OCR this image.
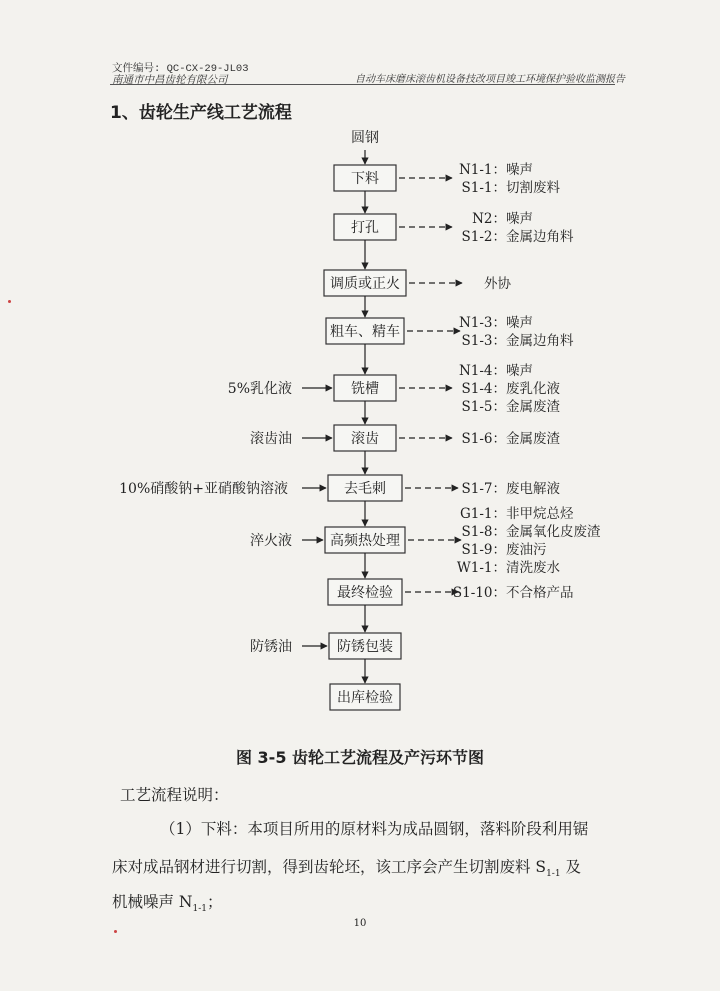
文件编号: QC-CX-29-JL03
南通市中昌齿轮有限公司	自动车床磨床滚齿机设备技改项目竣工环境保护验收监测报告
1、齿轮生产线工艺流程
圆钢
下料
N1-1： 噪声
S1-1： 切割废料
打孔
N2： 噪声
S1-2： 金属边角料
调质或正火	外协
粗车、精车
N1-3： 噪声
S1-3： 金属边角料
铣槽
N1-4： 噪声
S1-4： 废乳化液
S1-5： 金属废渣
5%乳化液
滚齿	S1-6： 金属废渣
滚齿油
去毛刺	S1-7： 废电解液
10%硝酸钠+亚硝酸钠溶液
高频热处理
G1-1： 非甲烷总烃
S1-8： 金属氧化皮废渣
S1-9： 废油污
W1-1： 清洗废水
淬火液
最终检验	S1-10： 不合格产品
防锈包装
防锈油
出库检验
图 3-5 齿轮工艺流程及产污环节图
工艺流程说明：
（1）下料：本项目所用的原材料为成品圆钢，落料阶段利用锯
床对成品钢材进行切割，得到齿轮坯，该工序会产生切割废料 $S_{1-1}$ 及
机械噪声 $N_{1-1}$；
10
